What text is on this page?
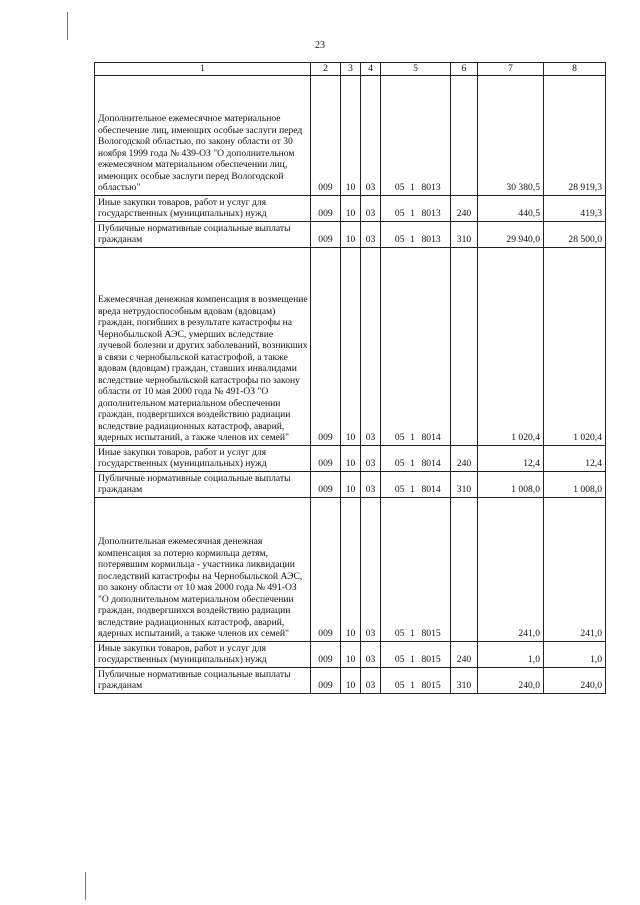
23
1	2	3	4	5			6	7	8
Дополнительное ежемесячное материальное обеспечение лиц, имеющих особые заслуги перед Вологодской областью, по закону области от 30 ноября 1999 года № 439-ОЗ "О дополнительном ежемесячном материальном обеспечении лиц, имеющих особые заслуги перед Вологодской областью"	009	10	03	05	1	8013		30 380,5	28 919,3
Иные закупки товаров, работ и услуг для государственных (муниципальных) нужд	009	10	03	05	1	8013	240	440,5	419,3
Публичные нормативные социальные выплаты гражданам	009	10	03	05	1	8013	310	29 940,0	28 500,0
Ежемесячная денежная компенсация в возмещение вреда нетрудоспособным вдовам (вдовцам) граждан, погибших в результате катастрофы на Чернобыльской АЭС, умерших вследствие лучевой болезни и других заболеваний, возникших в связи с чернобыльской катастрофой, а также вдовам (вдовцам) граждан, ставших инвалидами вследствие чернобыльской катастрофы по закону области от 10 мая 2000 года № 491-ОЗ "О дополнительном материальном обеспечении граждан, подвергшихся воздействию радиации вследствие радиационных катастроф, аварий, ядерных испытаний, а также членов их семей"	009	10	03	05	1	8014		1 020,4	1 020,4
Иные закупки товаров, работ и услуг для государственных (муниципальных) нужд	009	10	03	05	1	8014	240	12,4	12,4
Публичные нормативные социальные выплаты гражданам	009	10	03	05	1	8014	310	1 008,0	1 008,0
Дополнительная ежемесячная денежная компенсация за потерю кормильца детям, потерявшим кормильца - участника ликвидации последствий катастрофы на Чернобыльской АЭС, по закону области от 10 мая 2000 года № 491-ОЗ "О дополнительном материальном обеспечении граждан, подвергшихся воздействию радиации вследствие радиационных катастроф, аварий, ядерных испытаний, а также членов их семей"	009	10	03	05	1	8015		241,0	241,0
Иные закупки товаров, работ и услуг для государственных (муниципальных) нужд	009	10	03	05	1	8015	240	1,0	1,0
Публичные нормативные социальные выплаты гражданам	009	10	03	05	1	8015	310	240,0	240,0
